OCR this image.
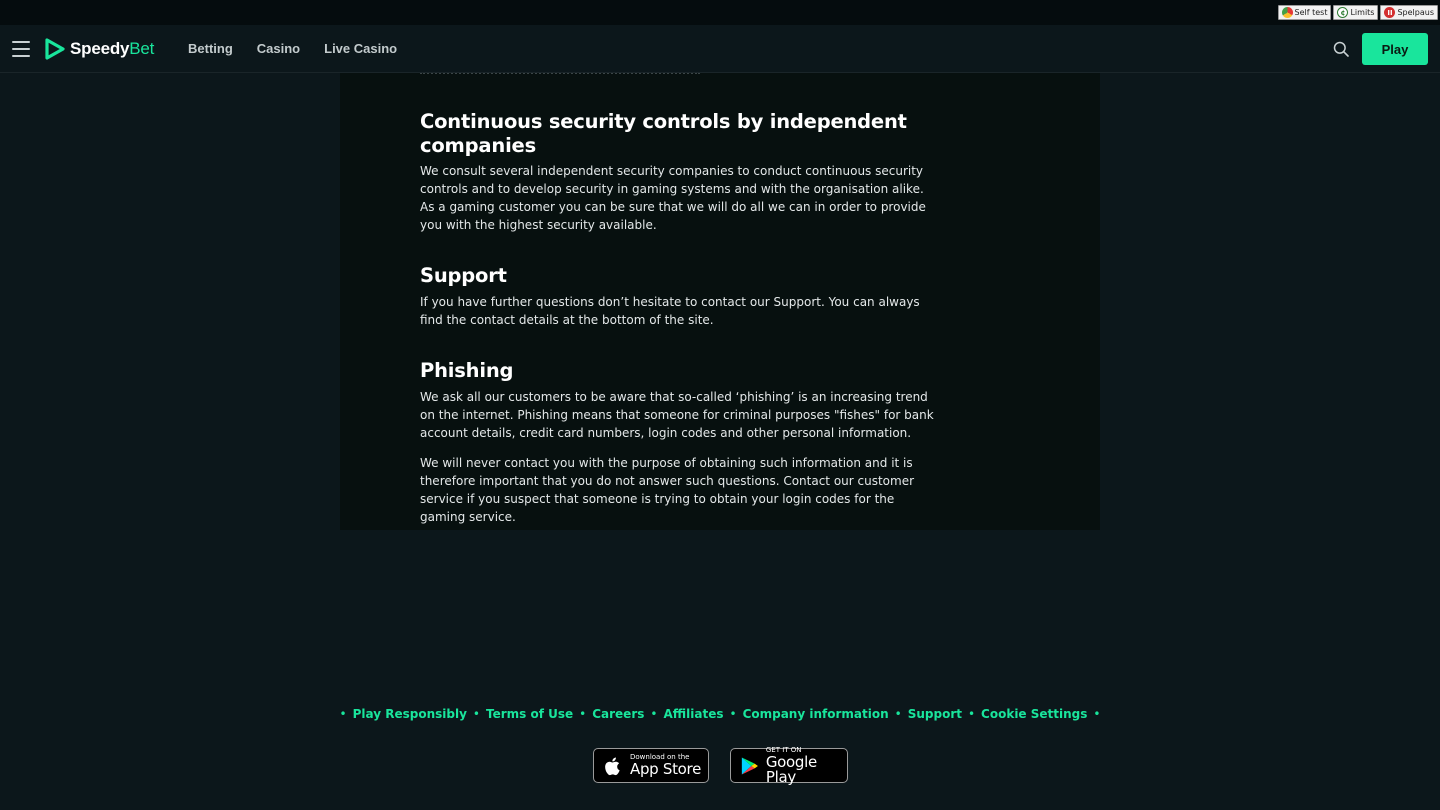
Self test	¢ Limits	II Spelpaus
SpeedyBet	Betting Casino Live Casino	Play
Continuous security controls by independent companies

We consult several independent security companies to conduct continuous security controls and to develop security in gaming systems and with the organisation alike. As a gaming customer you can be sure that we will do all we can in order to provide you with the highest security available.

Support

If you have further questions don’t hesitate to contact our Support. You can always find the contact details at the bottom of the site.

Phishing

We ask all our customers to be aware that so-called ‘phishing’ is an increasing trend on the internet. Phishing means that someone for criminal purposes "fishes" for bank account details, credit card numbers, login codes and other personal information.

We will never contact you with the purpose of obtaining such information and it is therefore important that you do not answer such questions. Contact our customer service if you suspect that someone is trying to obtain your login codes for the gaming service.

• Play Responsibly • Terms of Use • Careers • Affiliates • Company information • Support • Cookie Settings •
Download on the
App Store
GET IT ON
Google Play
